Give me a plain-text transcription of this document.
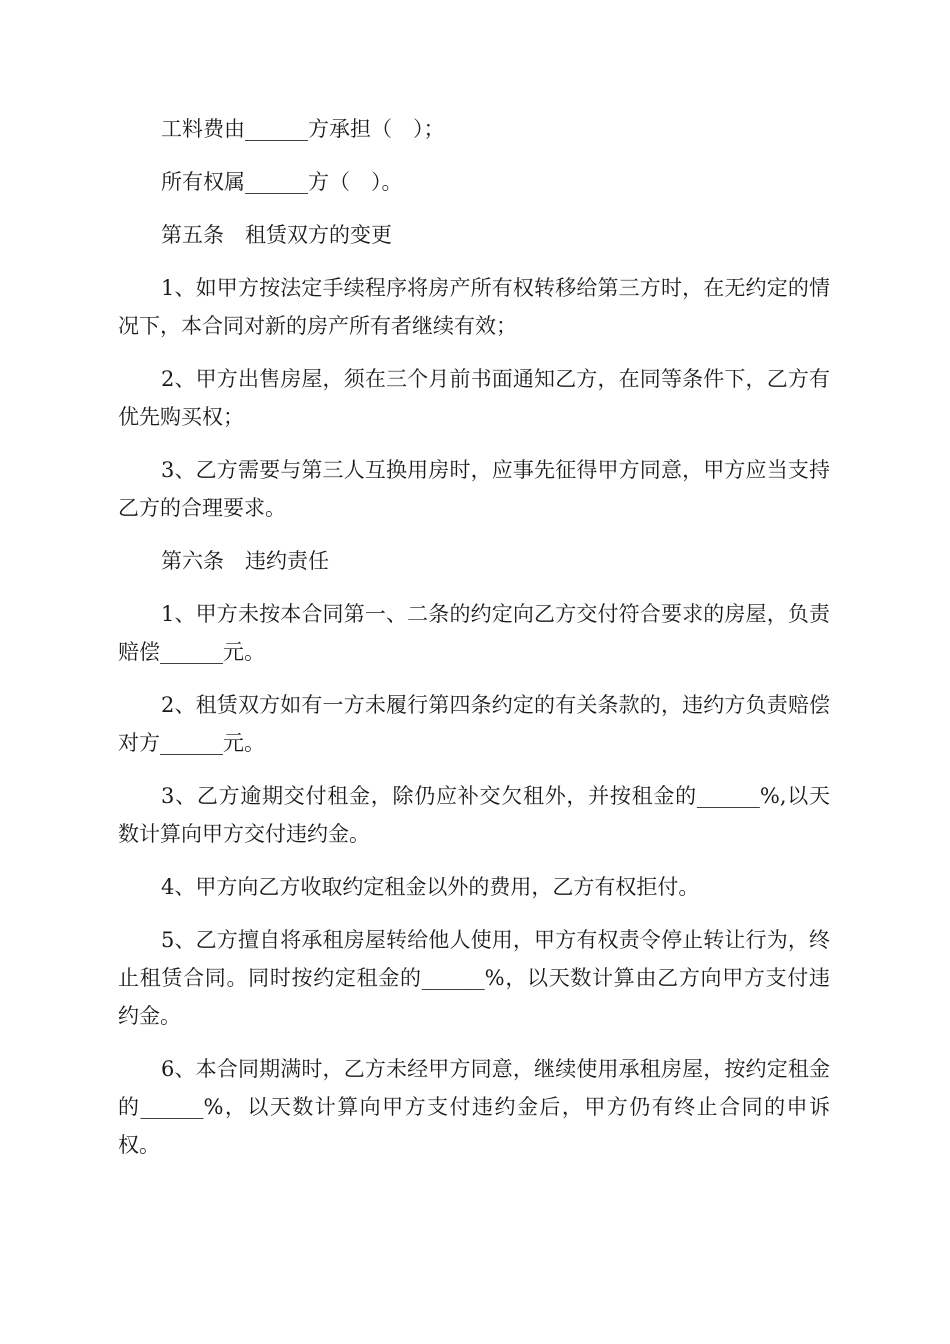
工料费由______方承担（　）；

所有权属______方（　）。

第五条　租赁双方的变更

1、如甲方按法定手续程序将房产所有权转移给第三方时，在无约定的情况下，本合同对新的房产所有者继续有效；

2、甲方出售房屋，须在三个月前书面通知乙方，在同等条件下，乙方有优先购买权；

3、乙方需要与第三人互换用房时，应事先征得甲方同意，甲方应当支持乙方的合理要求。

第六条　违约责任

1、甲方未按本合同第一、二条的约定向乙方交付符合要求的房屋，负责赔偿______元。

2、租赁双方如有一方未履行第四条约定的有关条款的，违约方负责赔偿对方______元。

3、乙方逾期交付租金，除仍应补交欠租外，并按租金的______%,以天数计算向甲方交付违约金。

4、甲方向乙方收取约定租金以外的费用，乙方有权拒付。

5、乙方擅自将承租房屋转给他人使用，甲方有权责令停止转让行为，终止租赁合同。同时按约定租金的______%，以天数计算由乙方向甲方支付违约金。

6、本合同期满时，乙方未经甲方同意，继续使用承租房屋，按约定租金的______%，以天数计算向甲方支付违约金后，甲方仍有终止合同的申诉权。
